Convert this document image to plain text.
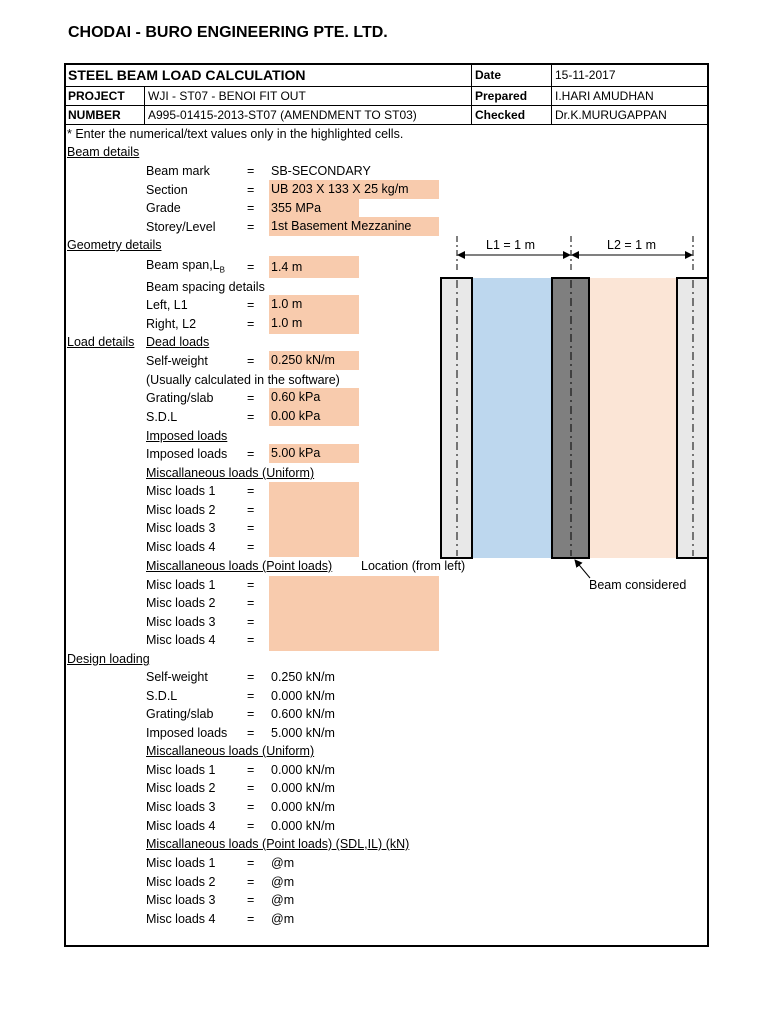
CHODAI - BURO ENGINEERING PTE. LTD.
STEEL BEAM LOAD CALCULATION	Date	15-11-2017
PROJECT	WJI - ST07 - BENOI FIT OUT	Prepared	I.HARI AMUDHAN
NUMBER	A995-01415-2013-ST07 (AMENDMENT TO ST03)	Checked	Dr.K.MURUGAPPAN
* Enter the numerical/text values only in the highlighted cells.
Beam details
Beam mark	= SB-SECONDARY
Section	= UB 203 X 133 X 25 kg/m
Grade	= 355 MPa
Storey/Level	= 1st Basement Mezzanine
Geometry details
Beam $span,L_B = 1.4$ m
Beam spacing details
Left, L1	= 1.0 m
Right, L2	= 1.0 m
Load details Dead loads
Self-weight	= 0.250 kN/m
(Usually calculated in the software)
Grating/slab	= 0.60 kPa
S.D.L	= 0.00 kPa
Imposed loads
Imposed loads = 5.00 kPa
Miscallaneous loads (Uniform)
Misc loads 1	=
Misc loads 2	=
Misc loads 3	=
Misc loads 4	=
Miscallaneous loads (Point loads) Location (from left)
Misc loads 1	=
Misc loads 2	=
Misc loads 3	=
Misc loads 4	=
Design loading
Self-weight	= 0.250 kN/m
S.D.L	= 0.000 kN/m
Grating/slab	= 0.600 kN/m
Imposed loads = 5.000 kN/m
Miscallaneous loads (Uniform)
Misc loads 1	= 0.000 kN/m
Misc loads 2	= 0.000 kN/m
Misc loads 3	= 0.000 kN/m
Misc loads 4	= 0.000 kN/m
Miscallaneous loads (Point loads) (SDL,IL) (kN)
Misc loads 1	= @m
Misc loads 2	= @m
Misc loads 3	= @m
Misc loads 4	= @m
L1 = 1 m	L2 = 1 m
Beam considered
